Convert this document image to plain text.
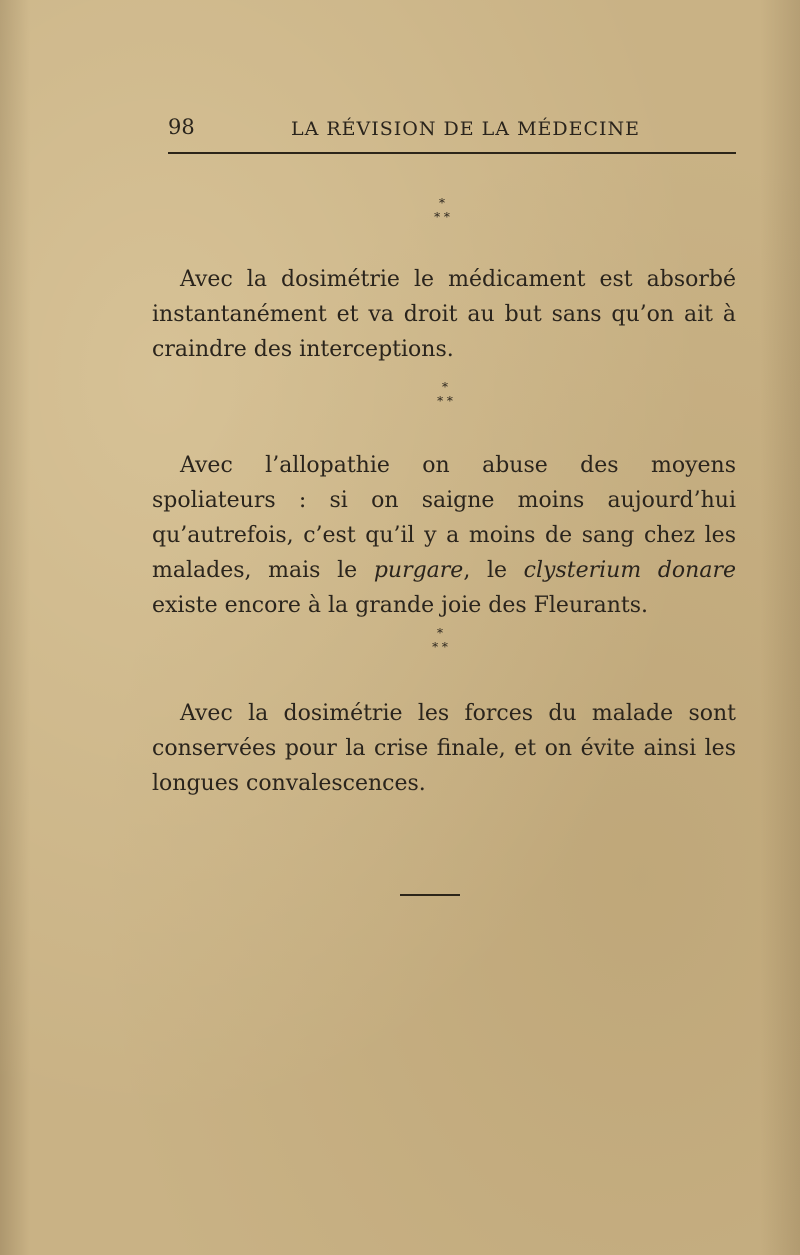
98	LA RÉVISION DE LA MÉDECINE
*
* *

Avec la dosimétrie le médicament est absorbé instantanément et va droit au but sans qu’on ait à craindre des interceptions.

*
* *

Avec l’allopathie on abuse des moyens spoliateurs : si on saigne moins aujourd’hui qu’autrefois, c’est qu’il y a moins de sang chez les malades, mais le purgare, le clysterium donare existe encore à la grande joie des Fleurants.

*
* *

Avec la dosimétrie les forces du malade sont conservées pour la crise finale, et on évite ainsi les longues convalescences.
